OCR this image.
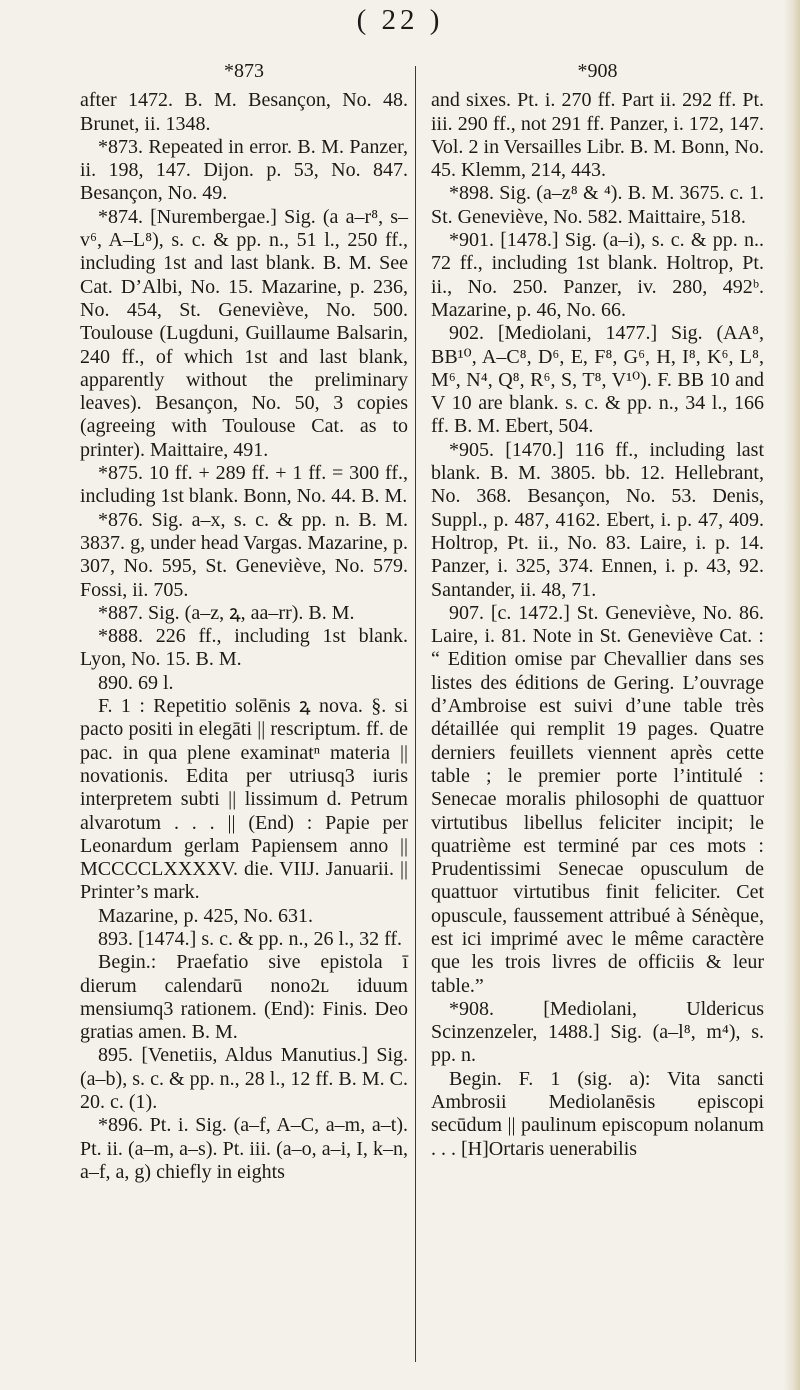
( 22 )
*873

after 1472. B. M. Besançon, No. 48. Brunet, ii. 1348.

*873. Repeated in error. B. M. Panzer, ii. 198, 147. Dijon. p. 53, No. 847. Besançon, No. 49.

*874. [Nurembergae.] Sig. (a a–r⁸, s–v⁶, A–L⁸), s. c. & pp. n., 51 l., 250 ff., including 1st and last blank. B. M. See Cat. D’Albi, No. 15. Mazarine, p. 236, No. 454, St. Geneviève, No. 500. Toulouse (Lugduni, Guillaume Balsarin, 240 ff., of which 1st and last blank, apparently without the preliminary leaves). Besançon, No. 50, 3 copies (agreeing with Toulouse Cat. as to printer). Maittaire, 491.

*875. 10 ff. + 289 ff. + 1 ff. = 300 ff., including 1st blank. Bonn, No. 44. B. M.

*876. Sig. a–x, s. c. & pp. n. B. M. 3837. g, under head Vargas. Mazarine, p. 307, No. 595, St. Geneviève, No. 579. Fossi, ii. 705.

*887. Sig. (a–z, ꝝ, aa–rr). B. M.

*888. 226 ff., including 1st blank. Lyon, No. 15. B. M.

890. 69 l.

F. 1 : Repetitio solēnis ꝝ nova. §. si pacto positi in elegāti || rescriptum. ff. de pac. in qua plene examinatⁿ materia || novationis. Edita per utriusq3 iuris interpretem subti || lissimum d. Petrum alvarotum . . . || (End) : Papie per Leonardum gerlam Papiensem anno || MCCCCLXXXXV. die. VIIJ. Januarii. || Printer’s mark.

Mazarine, p. 425, No. 631.

893. [1474.] s. c. & pp. n., 26 l., 32 ff.

Begin.: Praefatio sive epistola ī dierum calendarū nono2ʟ iduum mensiumq3 rationem. (End): Finis. Deo gratias amen. B. M.

895. [Venetiis, Aldus Manutius.] Sig. (a–b), s. c. & pp. n., 28 l., 12 ff. B. M. C. 20. c. (1).

*896. Pt. i. Sig. (a–f, A–C, a–m, a–t). Pt. ii. (a–m, a–s). Pt. iii. (a–o, a–i, I, k–n, a–f, a, g) chiefly in eights

*908

and sixes. Pt. i. 270 ff. Part ii. 292 ff. Pt. iii. 290 ff., not 291 ff. Panzer, i. 172, 147. Vol. 2 in Versailles Libr. B. M. Bonn, No. 45. Klemm, 214, 443.

*898. Sig. (a–z⁸ & ⁴). B. M. 3675. c. 1. St. Geneviève, No. 582. Maittaire, 518.

*901. [1478.] Sig. (a–i), s. c. & pp. n.. 72 ff., including 1st blank. Holtrop, Pt. ii., No. 250. Panzer, iv. 280, 492ᵇ. Mazarine, p. 46, No. 66.

902. [Mediolani, 1477.] Sig. (AA⁸, BB¹⁰, A–C⁸, D⁶, E, F⁸, G⁶, H, I⁸, K⁶, L⁸, M⁶, N⁴, Q⁸, R⁶, S, T⁸, V¹⁰). F. BB 10 and V 10 are blank. s. c. & pp. n., 34 l., 166 ff. B. M. Ebert, 504.

*905. [1470.] 116 ff., including last blank. B. M. 3805. bb. 12. Hellebrant, No. 368. Besançon, No. 53. Denis, Suppl., p. 487, 4162. Ebert, i. p. 47, 409. Holtrop, Pt. ii., No. 83. Laire, i. p. 14. Panzer, i. 325, 374. Ennen, i. p. 43, 92. Santander, ii. 48, 71.

907. [c. 1472.] St. Geneviève, No. 86. Laire, i. 81. Note in St. Geneviève Cat. : “ Edition omise par Chevallier dans ses listes des éditions de Gering. L’ouvrage d’Ambroise est suivi d’une table très détaillée qui remplit 19 pages. Quatre derniers feuillets viennent après cette table ; le premier porte l’intitulé : Senecae moralis philosophi de quattuor virtutibus libellus feliciter incipit; le quatrième est terminé par ces mots : Prudentissimi Senecae opusculum de quattuor virtutibus finit feliciter. Cet opuscule, faussement attribué à Sénèque, est ici imprimé avec le même caractère que les trois livres de officiis & leur table.”

*908. [Mediolani, Uldericus Scinzenzeler, 1488.] Sig. (a–l⁸, m⁴), s. pp. n.

Begin. F. 1 (sig. a): Vita sancti Ambrosii Mediolanēsis episcopi secūdum || paulinum episcopum nolanum . . . [H]Ortaris uenerabilis
